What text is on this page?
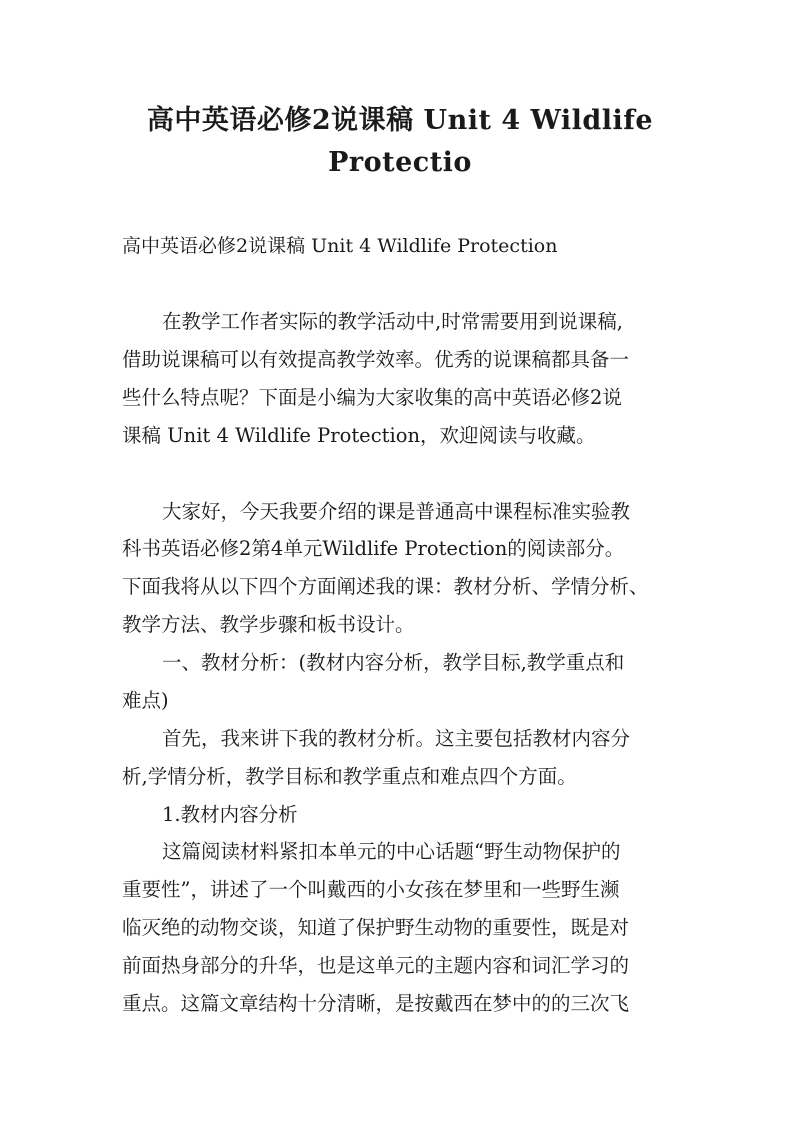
高中英语必修2说课稿 Unit 4 Wildlife
Protectio

高中英语必修2说课稿 Unit 4 Wildlife Protection

在教学工作者实际的教学活动中,时常需要用到说课稿,

借助说课稿可以有效提高教学效率。优秀的说课稿都具备一

些什么特点呢？下面是小编为大家收集的高中英语必修2说

课稿 Unit 4 Wildlife Protection，欢迎阅读与收藏。

大家好，今天我要介绍的课是普通高中课程标准实验教

科书英语必修2第4单元Wildlife Protection的阅读部分。

下面我将从以下四个方面阐述我的课：教材分析、学情分析、

教学方法、教学步骤和板书设计。

一、教材分析：(教材内容分析，教学目标,教学重点和

难点)

首先，我来讲下我的教材分析。这主要包括教材内容分

析,学情分析，教学目标和教学重点和难点四个方面。

1.教材内容分析

这篇阅读材料紧扣本单元的中心话题“野生动物保护的

重要性”，讲述了一个叫戴西的小女孩在梦里和一些野生濒

临灭绝的动物交谈，知道了保护野生动物的重要性，既是对

前面热身部分的升华，也是这单元的主题内容和词汇学习的

重点。这篇文章结构十分清晰，是按戴西在梦中的的三次飞
